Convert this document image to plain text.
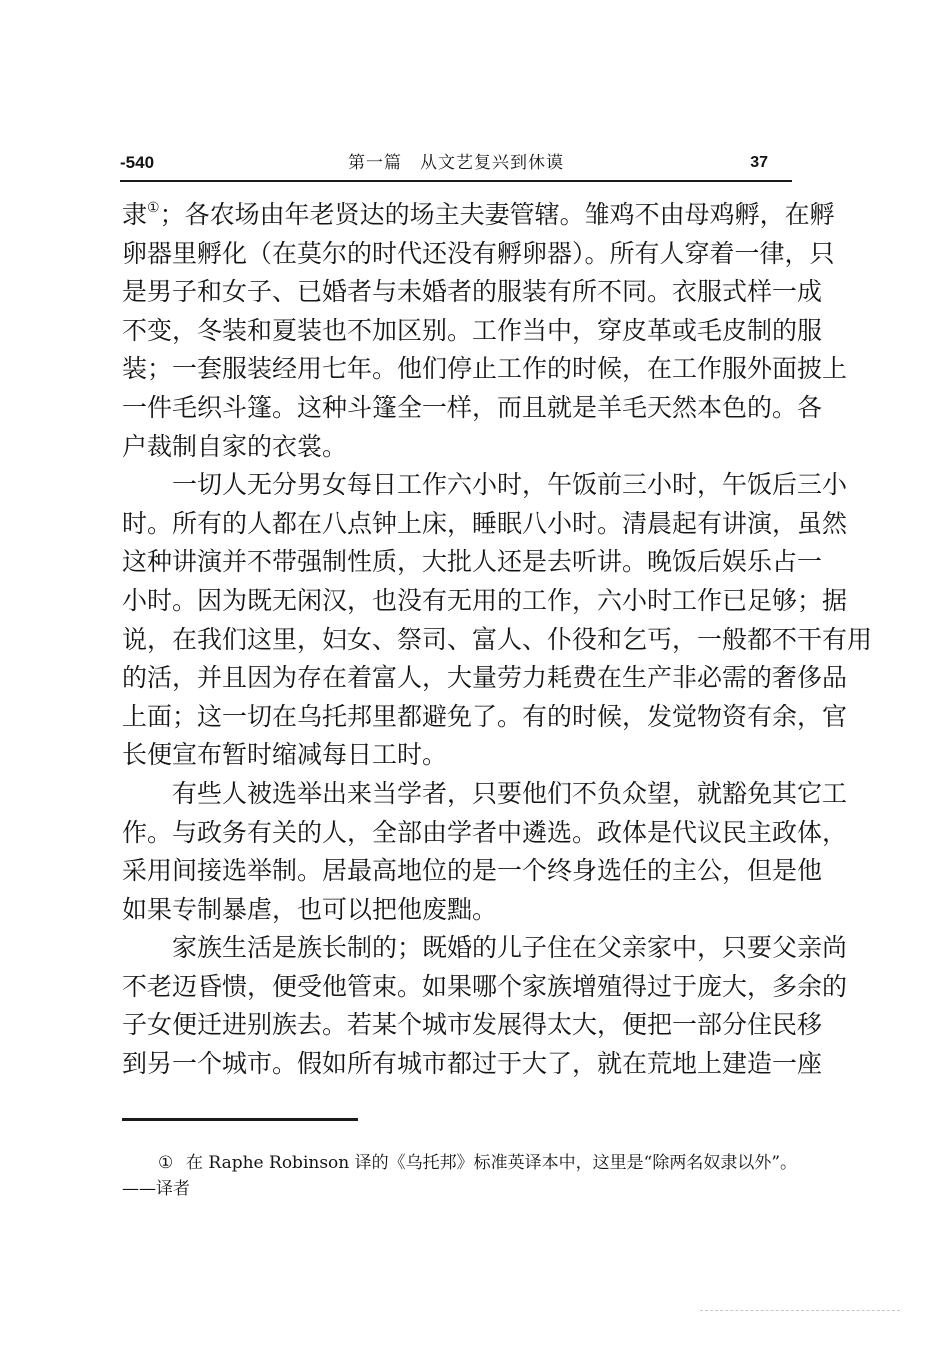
-540	第一篇　从文艺复兴到休谟	37
隶①；各农场由年老贤达的场主夫妻管辖。雏鸡不由母鸡孵，在孵
卵器里孵化（在莫尔的时代还没有孵卵器）。所有人穿着一律，只
是男子和女子、已婚者与未婚者的服装有所不同。衣服式样一成
不变，冬装和夏装也不加区别。工作当中，穿皮革或毛皮制的服
装；一套服装经用七年。他们停止工作的时候，在工作服外面披上
一件毛织斗篷。这种斗篷全一样，而且就是羊毛天然本色的。各
户裁制自家的衣裳。
一切人无分男女每日工作六小时，午饭前三小时，午饭后三小
时。所有的人都在八点钟上床，睡眠八小时。清晨起有讲演，虽然
这种讲演并不带强制性质，大批人还是去听讲。晚饭后娱乐占一
小时。因为既无闲汉，也没有无用的工作，六小时工作已足够；据
说，在我们这里，妇女、祭司、富人、仆役和乞丐，一般都不干有用
的活，并且因为存在着富人，大量劳力耗费在生产非必需的奢侈品
上面；这一切在乌托邦里都避免了。有的时候，发觉物资有余，官
长便宣布暂时缩减每日工时。
有些人被选举出来当学者，只要他们不负众望，就豁免其它工
作。与政务有关的人，全部由学者中遴选。政体是代议民主政体，
采用间接选举制。居最高地位的是一个终身选任的主公，但是他
如果专制暴虐，也可以把他废黜。
家族生活是族长制的；既婚的儿子住在父亲家中，只要父亲尚
不老迈昏愦，便受他管束。如果哪个家族增殖得过于庞大，多余的
子女便迁进别族去。若某个城市发展得太大，便把一部分住民移
到另一个城市。假如所有城市都过于大了，就在荒地上建造一座
① 在 Raphe Robinson 译的《乌托邦》标准英译本中，这里是“除两名奴隶以外”。
——译者
